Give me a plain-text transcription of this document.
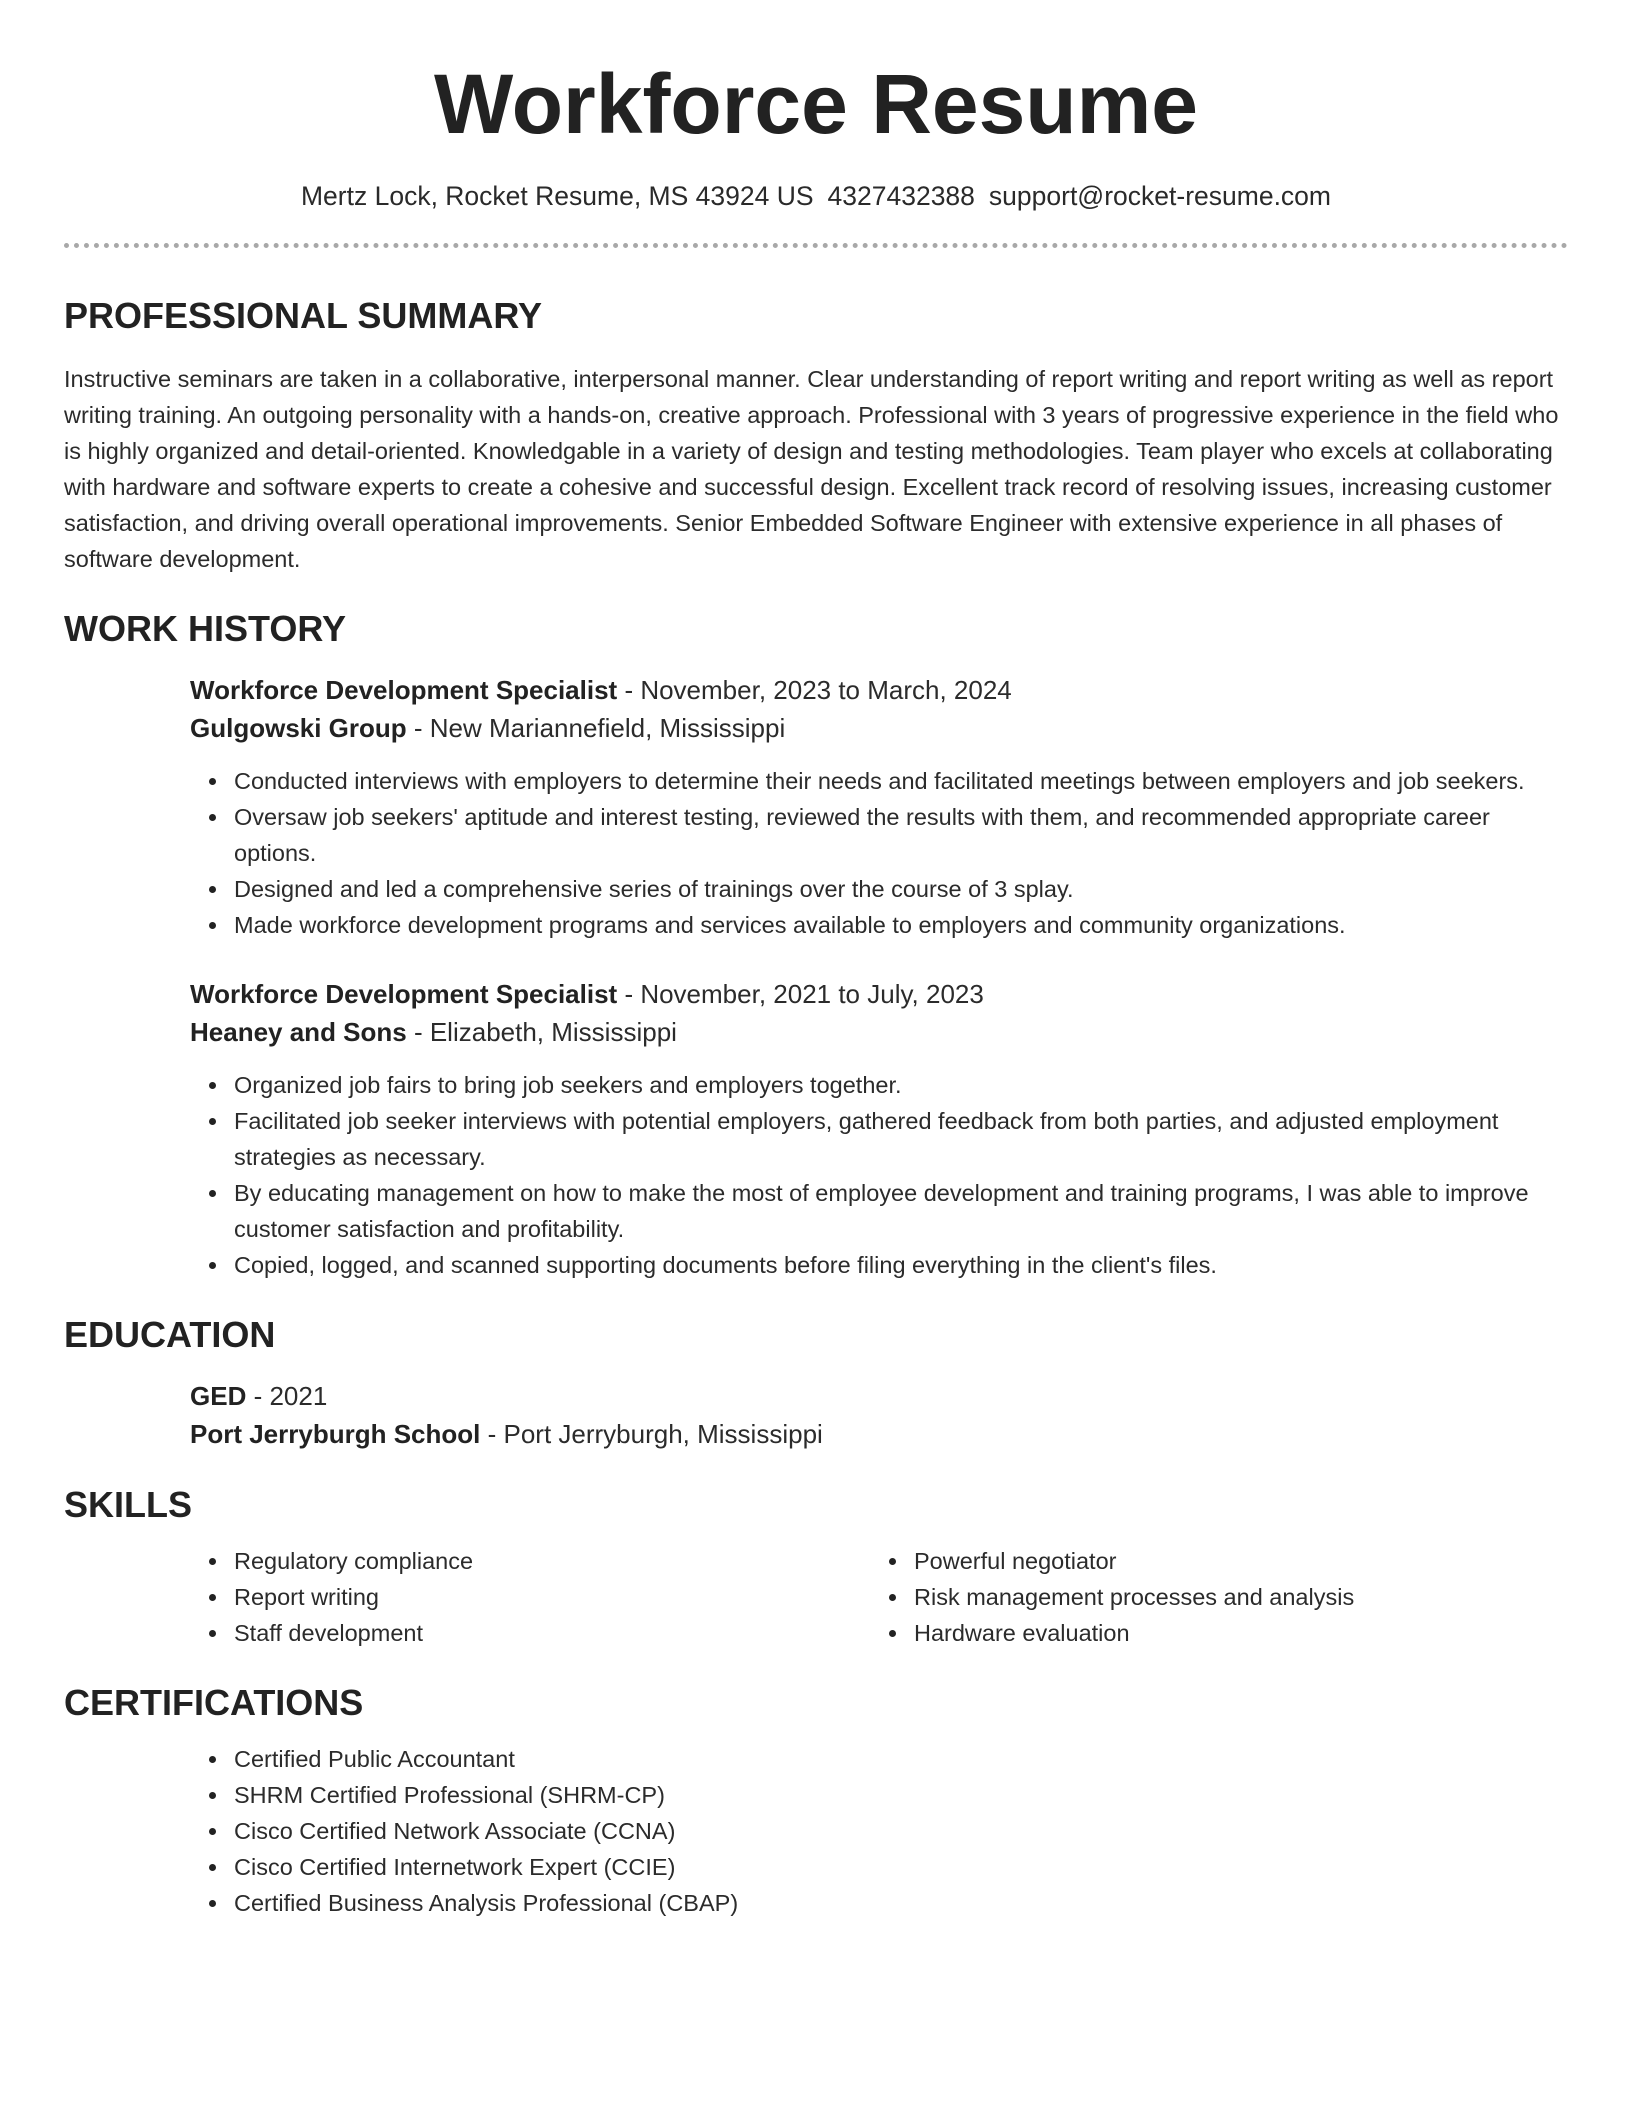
Workforce Resume
Mertz Lock, Rocket Resume, MS 43924 US 4327432388 support@rocket-resume.com
PROFESSIONAL SUMMARY

Instructive seminars are taken in a collaborative, interpersonal manner. Clear understanding of report writing and report writing as well as report writing training. An outgoing personality with a hands-on, creative approach. Professional with 3 years of progressive experience in the field who is highly organized and detail-oriented. Knowledgable in a variety of design and testing methodologies. Team player who excels at collaborating with hardware and software experts to create a cohesive and successful design. Excellent track record of resolving issues, increasing customer satisfaction, and driving overall operational improvements. Senior Embedded Software Engineer with extensive experience in all phases of software development.

WORK HISTORY
Workforce Development Specialist - November, 2023 to March, 2024
Gulgowski Group - New Mariannefield, Mississippi
Conducted interviews with employers to determine their needs and facilitated meetings between employers and job seekers.
Oversaw job seekers' aptitude and interest testing, reviewed the results with them, and recommended appropriate career options.
Designed and led a comprehensive series of trainings over the course of 3 splay.
Made workforce development programs and services available to employers and community organizations.
Workforce Development Specialist - November, 2021 to July, 2023
Heaney and Sons - Elizabeth, Mississippi
Organized job fairs to bring job seekers and employers together.
Facilitated job seeker interviews with potential employers, gathered feedback from both parties, and adjusted employment strategies as necessary.
By educating management on how to make the most of employee development and training programs, I was able to improve customer satisfaction and profitability.
Copied, logged, and scanned supporting documents before filing everything in the client's files.
EDUCATION
GED - 2021
Port Jerryburgh School - Port Jerryburgh, Mississippi
SKILLS
Regulatory compliance
Report writing
Staff development
Powerful negotiator
Risk management processes and analysis
Hardware evaluation
CERTIFICATIONS
Certified Public Accountant
SHRM Certified Professional (SHRM-CP)
Cisco Certified Network Associate (CCNA)
Cisco Certified Internetwork Expert (CCIE)
Certified Business Analysis Professional (CBAP)
